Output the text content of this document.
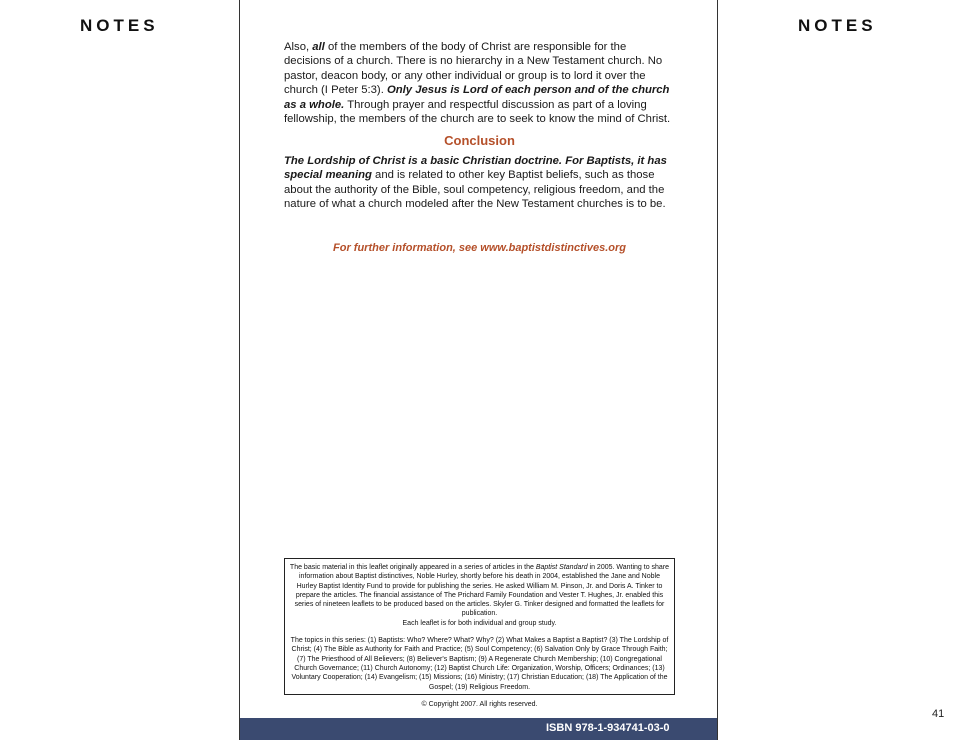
NOTES	NOTES
Also, all of the members of the body of Christ are responsible for the decisions of a church. There is no hierarchy in a New Testament church. No pastor, deacon body, or any other individual or group is to lord it over the church (I Peter 5:3). Only Jesus is Lord of each person and of the church as a whole. Through prayer and respectful discussion as part of a loving fellowship, the members of the church are to seek to know the mind of Christ.
Conclusion
The Lordship of Christ is a basic Christian doctrine. For Baptists, it has special meaning and is related to other key Baptist beliefs, such as those about the authority of the Bible, soul competency, religious freedom, and the nature of what a church modeled after the New Testament churches is to be.
For further information, see www.baptistdistinctives.org

The basic material in this leaflet originally appeared in a series of articles in the Baptist Standard in 2005. Wanting to share information about Baptist distinctives, Noble Hurley, shortly before his death in 2004, established the Jane and Noble Hurley Baptist Identity Fund to provide for publishing the series. He asked William M. Pinson, Jr. and Doris A. Tinker to prepare the articles. The financial assistance of The Prichard Family Foundation and Vester T. Hughes, Jr. enabled this series of nineteen leaflets to be produced based on the articles. Skyler G. Tinker designed and formatted the leaflets for publication.

Each leaflet is for both individual and group study.

The topics in this series: (1) Baptists: Who? Where? What? Why? (2) What Makes a Baptist a Baptist? (3) The Lordship of Christ; (4) The Bible as Authority for Faith and Practice; (5) Soul Competency; (6) Salvation Only by Grace Through Faith; (7) The Priesthood of All Believers; (8) Believer's Baptism; (9) A Regenerate Church Membership; (10) Congregational Church Governance; (11) Church Autonomy; (12) Baptist Church Life: Organization, Worship, Officers; Ordinances; (13) Voluntary Cooperation; (14) Evangelism; (15) Missions; (16) Ministry; (17) Christian Education; (18) The Application of the Gospel; (19) Religious Freedom.

© Copyright 2007. All rights reserved.

ISBN 978-1-934741-03-0
41
